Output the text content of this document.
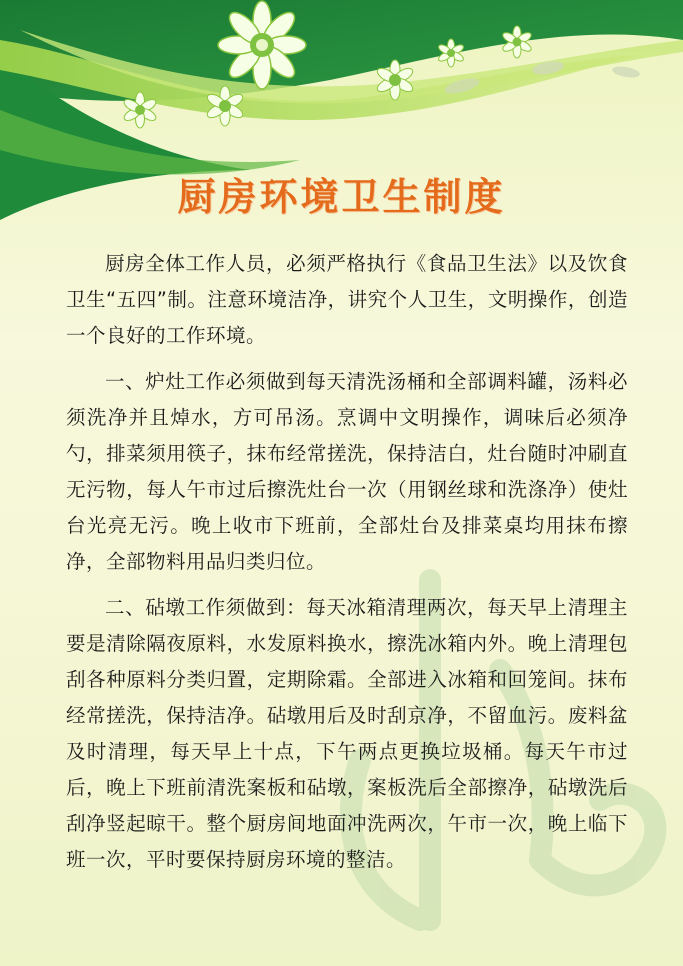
厨房环境卫生制度

厨房全体工作人员，必须严格执行《食品卫生法》以及饮食卫生“五四”制。注意环境洁净，讲究个人卫生，文明操作，创造一个良好的工作环境。

一、炉灶工作必须做到每天清洗汤桶和全部调料罐，汤料必须洗净并且焯水，方可吊汤。烹调中文明操作，调味后必须净勺，排菜须用筷子，抹布经常搓洗，保持洁白，灶台随时冲刷直无污物，每人午市过后擦洗灶台一次（用钢丝球和洗涤净）使灶台光亮无污。晚上收市下班前，全部灶台及排菜桌均用抹布擦净，全部物料用品归类归位。

二、砧墩工作须做到：每天冰箱清理两次，每天早上清理主要是清除隔夜原料，水发原料换水，擦洗冰箱内外。晚上清理包刮各种原料分类归置，定期除霜。全部进入冰箱和回笼间。抹布经常搓洗，保持洁净。砧墩用后及时刮京净，不留血污。废料盆及时清理，每天早上十点，下午两点更换垃圾桶。每天午市过后，晚上下班前清洗案板和砧墩，案板洗后全部擦净，砧墩洗后刮净竖起晾干。整个厨房间地面冲洗两次，午市一次，晚上临下班一次，平时要保持厨房环境的整洁。
